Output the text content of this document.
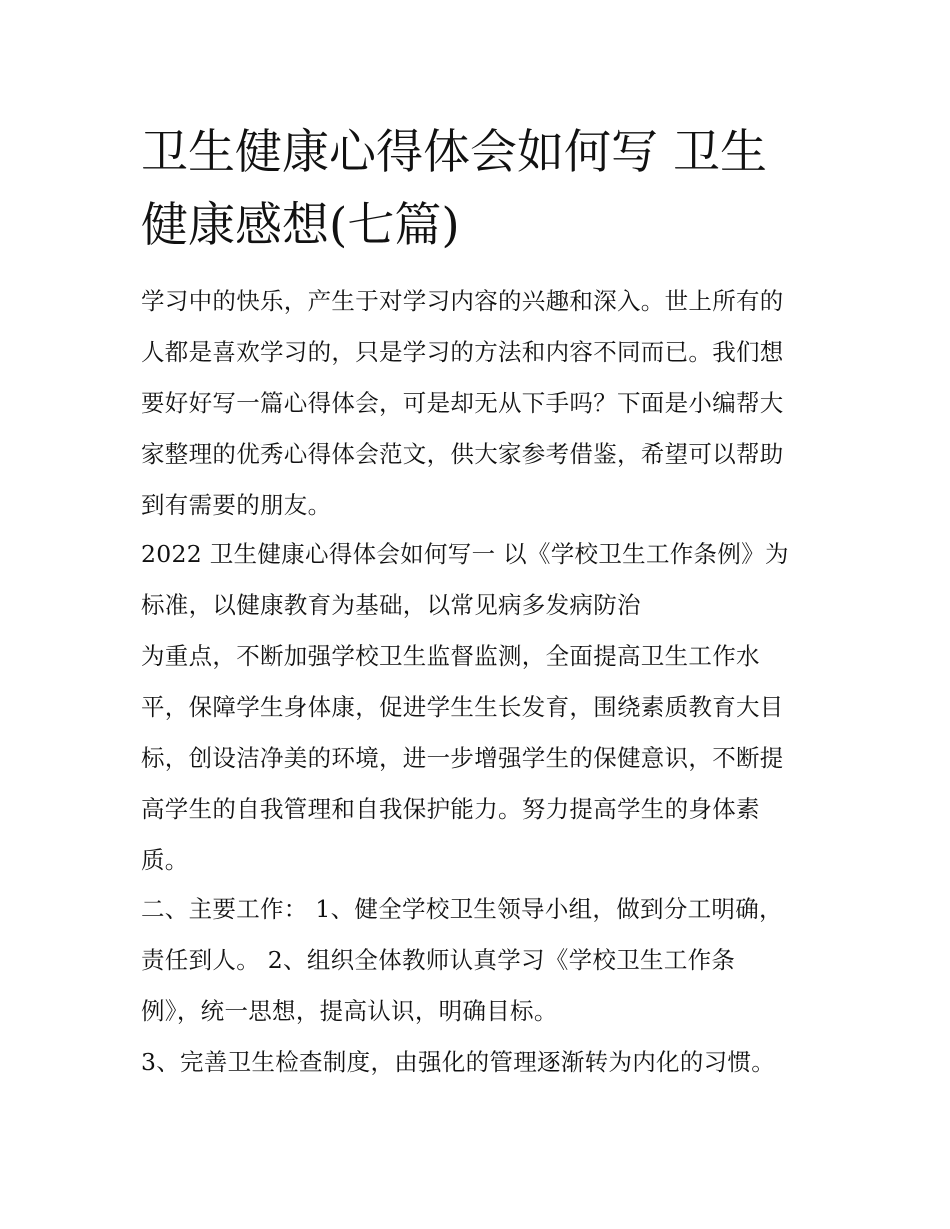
卫生健康心得体会如何写 卫生
健康感想(七篇)

学习中的快乐，产生于对学习内容的兴趣和深入。世上所有的

人都是喜欢学习的，只是学习的方法和内容不同而已。我们想

要好好写一篇心得体会，可是却无从下手吗？下面是小编帮大

家整理的优秀心得体会范文，供大家参考借鉴，希望可以帮助

到有需要的朋友。

2022 卫生健康心得体会如何写一 以《学校卫生工作条例》为

标准，以健康教育为基础，以常见病多发病防治

为重点，不断加强学校卫生监督监测，全面提高卫生工作水

平，保障学生身体康，促进学生生长发育，围绕素质教育大目

标，创设洁净美的环境，进一步增强学生的保健意识，不断提

高学生的自我管理和自我保护能力。努力提高学生的身体素

质。

二、主要工作： 1、健全学校卫生领导小组，做到分工明确，

责任到人。 2、组织全体教师认真学习《学校卫生工作条

例》，统一思想，提高认识，明确目标。

3、完善卫生检查制度，由强化的管理逐渐转为内化的习惯。
